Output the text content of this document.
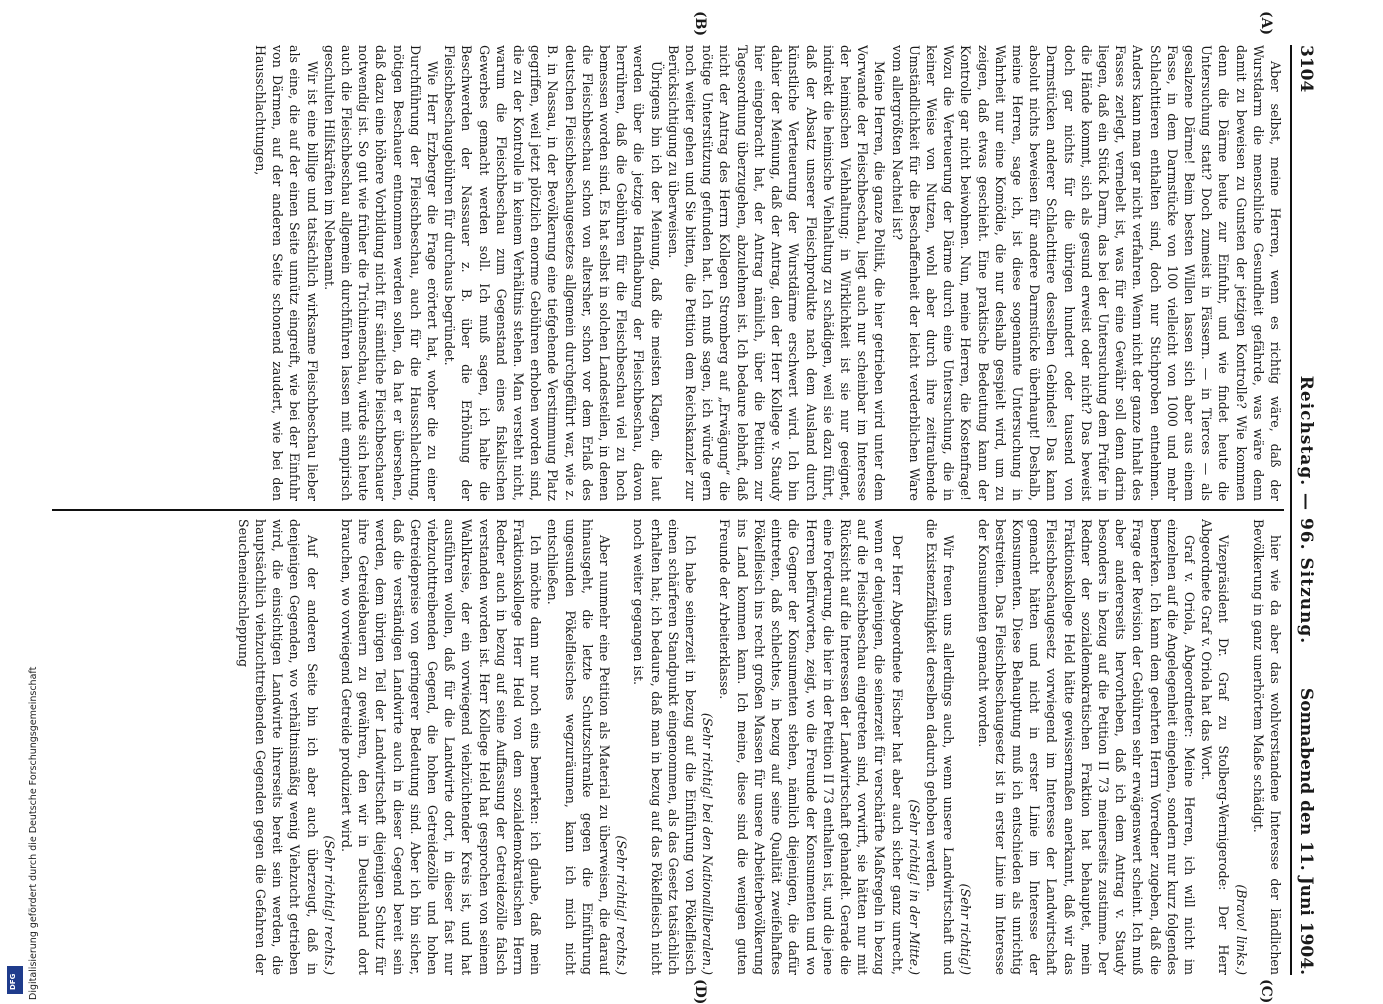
3104
Reichstag. — 96. Sitzung.
Sonnabend den 11. Juni 1904.

Aber selbst, meine Herren, wenn es richtig wäre, daß der Wurstdarm die menschliche Gesundheit gefährde, was wäre denn damit zu beweisen zu Gunsten der jetzigen Kontrolle? Wie kommen denn die Därme heute zur Einfuhr, und wie findet heute die Untersuchung statt? Doch zumeist in Fässern. — in Tierces — als gesalzene Därme! Beim besten Willen lassen sich aber aus einem Fasse, in dem Darmstücke von 100 vielleicht von 1000 und mehr Schlachttieren enthalten sind, doch nur Stichproben entnehmen. Anders kann man gar nicht verfahren. Wenn nicht der ganze Inhalt des Fasses zerlegt, vernebelt ist, was für eine Gewähr soll denn darin liegen, daß ein Stück Darm, das bei der Untersuchung dem Prüfer in die Hände kommt, sich als gesund erweist oder nicht? Das beweist doch gar nichts für die übrigen hundert oder tausend von Darmstücken anderer Schlachttiere desselben Gebindes! Das kann absolut nichts beweisen für andere Darmstücke überhaupt! Deshalb, meine Herren, sage ich, ist diese sogenannte Untersuchung in Wahrheit nur eine Komödie, die nur deshalb gespielt wird, um zu zeigen, daß etwas geschieht. Eine praktische Bedeutung kann der Kontrolle gar nicht beiwohnen. Nun, meine Herren, die Kostenfrage! Wozu die Verteuerung der Därme durch eine Untersuchung, die in keiner Weise von Nutzen, wohl aber durch ihre zeitraubende Umständlichkeit für die Beschaffenheit der leicht verderblichen Ware vom allergrößten Nachteil ist?

Meine Herren, die ganze Politik, die hier getrieben wird unter dem Vorwande der Fleischbeschau, liegt auch nur scheinbar im Interesse der heimischen Viehhaltung; in Wirklichkeit ist sie nur geeignet, indirekt die heimische Viehhaltung zu schädigen, weil sie dazu führt, daß der Absatz unserer Fleischprodukte nach dem Ausland durch künstliche Verteuerung der Wurstdärme erschwert wird. Ich bin dahier der Meinung, daß der Antrag, den der Herr Kollege v. Staudy hier eingebracht hat, der Antrag nämlich, über die Petition zur Tagesordnung überzugehen, abzulehnen ist. Ich bedaure lebhaft, daß nicht der Antrag des Herrn Kollegen Stromberg auf „Erwägung“ die nötige Unterstützung gefunden hat. Ich muß sagen, ich würde gern noch weiter gehen und Sie bitten, die Petition dem Reichskanzler zur Berücksichtigung zu überweisen.

Übrigens bin ich der Meinung, daß die meisten Klagen, die laut werden über die jetzige Handhabung der Fleischbeschau, davon herrühren, daß die Gebühren für die Fleischbeschau viel zu hoch bemessen worden sind. Es hat selbst in solchen Landesteilen, in denen die Fleischbeschau schon von altersher, schon vor dem Erlaß des deutschen Fleischbeschaugesetzes allgemein durchgeführt war, wie z. B. in Nassau, in der Bevölkerung eine tiefgehende Verstimmung Platz gegriffen, weil jetzt plötzlich enorme Gebühren erhoben worden sind, die zu der Kontrolle in keinem Verhältnis stehen. Man versteht nicht, warum die Fleischbeschau zum Gegenstand eines fiskalischen Gewerbes gemacht werden soll. Ich muß sagen, ich halte die Beschwerden der Nassauer z. B. über die Erhöhung der Fleischbeschaugebühren für durchaus begründet.

Wie Herr Erzberger die Frage erörtert hat, woher die zu einer Durchführung der Fleischbeschau, auch für die Hausschlachtung, nötigen Beschauer entnommen werden sollen, da hat er übersehen, daß dazu eine höhere Vorbildung nicht für sämtliche Fleischbeschauer notwendig ist. So gut wie früher die Trichinenschau, würde sich heute auch die Fleischbeschau allgemein durchführen lassen mit empirisch geschulten Hilfskräften im Nebenamt.

Wir ist eine billige und tatsächlich wirksame Fleischbeschau lieber als eine, die auf der einen Seite unnütz eingreift, wie bei der Einfuhr von Därmen, auf der anderen Seite schonend zaudert, wie bei den Hausschlachtungen,

hier wie da aber das wohlverstandene Interesse der ländlichen Bevölkerung in ganz unerhörtem Maße schädigt.

(Bravo! links.)

Vizepräsident Dr. Graf zu Stolberg-Wernigerode: Der Herr Abgeordnete Graf v. Oriola hat das Wort.

Graf v. Oriola, Abgeordneter: Meine Herren, ich will nicht im einzelnen auf die Angelegenheit eingehen, sondern nur kurz folgendes bemerken. Ich kann dem geehrten Herrn Vorredner zugeben, daß die Frage der Revision der Gebühren sehr erwägenswert scheint. Ich muß aber andererseits hervorheben, daß ich dem Antrag v. Staudy besonders in bezug auf die Petition II 73 meinerseits zustimme. Der Redner der sozialdemokratischen Fraktion hat behauptet, mein Fraktionskollege Held hätte gewissermaßen anerkannt, daß wir das Fleischbeschaugesetz vorwiegend im Interesse der Landwirtschaft gemacht hätten und nicht in erster Linie im Interesse der Konsumenten. Diese Behauptung muß ich entschieden als unrichtig bestreiten. Das Fleischbeschaugesetz ist in erster Linie im Interesse der Konsumenten gemacht worden.

(Sehr richtig!)

Wir freuen uns allerdings auch, wenn unsere Landwirtschaft und die Existenzfähigkeit derselben dadurch gehoben werden.

(Sehr richtig! in der Mitte.)

Der Herr Abgeordnete Fischer hat aber auch sicher ganz unrecht, wenn er denjenigen, die seinerzeit für verschärfte Maßregeln in bezug auf die Fleischbeschau eingetreten sind, vorwirft, sie hätten nur mit Rücksicht auf die Interessen der Landwirtschaft gehandelt. Gerade die eine Forderung, die hier in der Petition II 73 enthalten ist, und die jene Herren befürworten, zeigt, wo die Freunde der Konsumenten und wo die Gegner der Konsumenten stehen, nämlich diejenigen, die dafür eintreten, daß schlechtes, in bezug auf seine Qualität zweifelhaftes Pökelfleisch ins recht großen Massen für unsere Arbeiterbevölkerung ins Land kommen kann. Ich meine, diese sind die wenigen guten Freunde der Arbeiterklasse.

(Sehr richtig! bei den Nationalliberalen.)

Ich habe seinerzeit in bezug auf die Einführung von Pökelfleisch einen schärferen Standpunkt eingenommen, als das Gesetz tatsächlich erhalten hat; ich bedaure, daß man in bezug auf das Pökelfleisch nicht noch weiter gegangen ist.

(Sehr richtig! rechts.)

Aber nunmehr eine Petition als Material zu überweisen, die darauf hinausgeht, die letzte Schutzschranke gegen die Einführung ungesunden Pökelfleisches wegzuräumen, kann ich mich nicht entschließen.

Ich möchte dann nur noch eins bemerken: ich glaube, daß mein Fraktionskollege Herr Held von dem sozialdemokratischen Herrn Redner auch in bezug auf seine Auffassung der Getreidezölle falsch verstanden worden ist. Herr Kollege Held hat gesprochen von seinem Wahlkreise, der ein vorwiegend viehzüchtender Kreis ist, und hat ausführen wollen, daß für die Landwirte dort, in dieser fast nur viehzuchttreibenden Gegend, die hohen Getreidezölle und hohen Getreidepreise von geringerer Bedeutung sind. Aber ich bin sicher, daß die verständigen Landwirte auch in dieser Gegend bereit sein werden, dem übrigen Teil der Landwirtschaft diejenigen Schutz für ihre Getreidebauern zu gewähren, den wir in Deutschland dort brauchen, wo vorwiegend Getreide produziert wird.

(Sehr richtig! rechts.)

Auf der anderen Seite bin ich aber auch überzeugt, daß in denjenigen Gegenden, wo verhältnismäßig wenig Viehzucht getrieben wird, die einsichtigen Landwirte ihrerseits bereit sein werden, die hauptsächlich viehzuchttreibenden Gegenden gegen die Gefahren der Seucheneinschleppung

(A)
(B)
(C)
(D)
Digitalisierung gefördert durch die Deutsche Forschungsgemeinschaft
DFG
